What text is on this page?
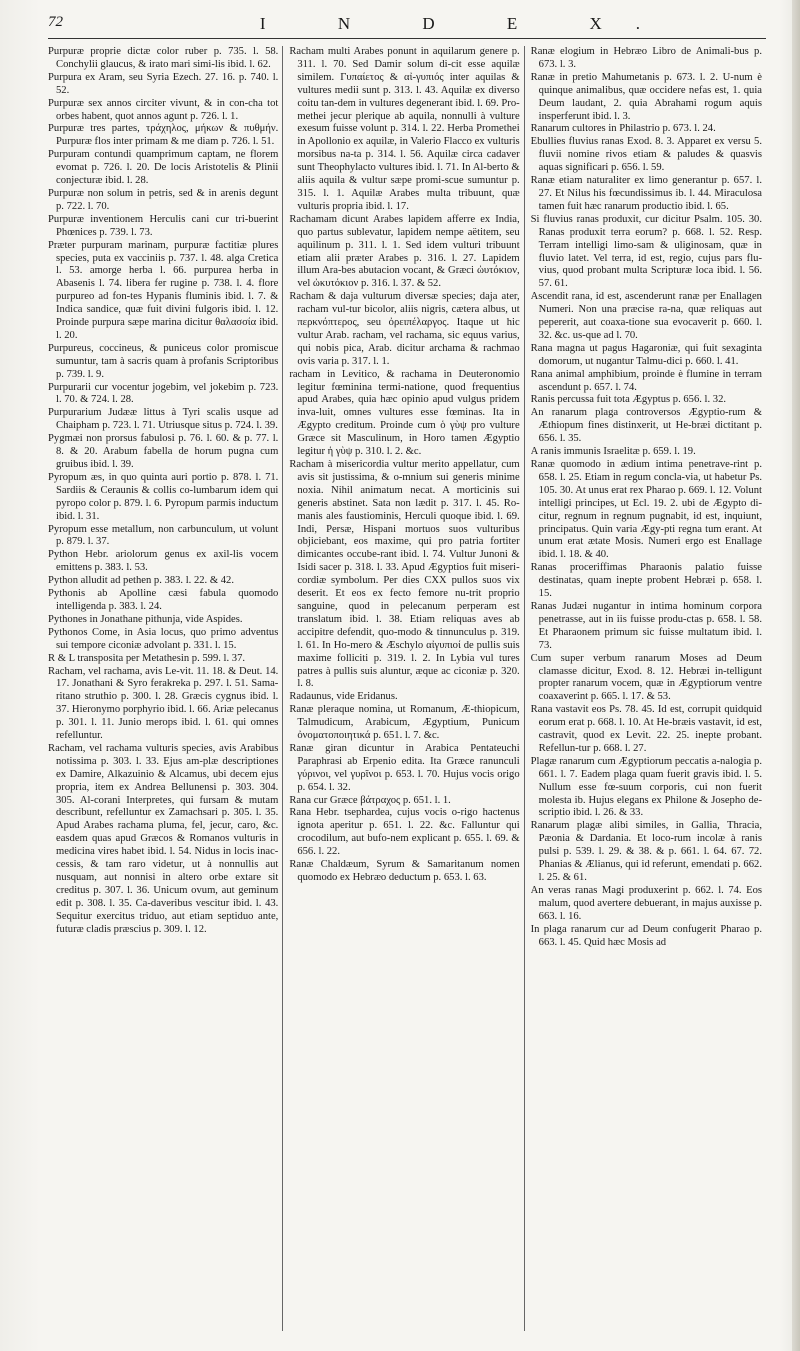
72	I N D E X.

Purpuræ proprie dictæ color ruber p. 735. l. 58. Conchylii glaucus, & irato mari simi-lis ibid. l. 62.

Purpura ex Aram, seu Syria Ezech. 27. 16. p. 740. l. 52.

Purpuræ sex annos circiter vivunt, & in con-cha tot orbes habent, quot annos agunt p. 726. l. 1.

Purpuræ tres partes, τράχηλος, μήκων & πυθμήν. Purpuræ flos inter primam & me diam p. 726. l. 51.

Purpuram contundi quamprimum captam, ne florem evomat p. 726. l. 20. De locis Aristotelis & Plinii conjecturæ ibid. l. 28.

Purpuræ non solum in petris, sed & in arenis degunt p. 722. l. 70.

Purpuræ inventionem Herculis cani cur tri-buerint Phœnices p. 739. l. 73.

Præter purpuram marinam, purpuræ factitiæ plures species, puta ex vacciniis p. 737. l. 48. alga Cretica l. 53. amorge herba l. 66. purpurea herba in Abasenis l. 74. libera fer rugine p. 738. l. 4. flore purpureo ad fon-tes Hypanis fluminis ibid. l. 7. & Indica sandice, quæ fuit divini fulgoris ibid. l. 12. Proinde purpura sæpe marina dicitur θαλασσία ibid. l. 20.

Purpureus, coccineus, & puniceus color promiscue sumuntur, tam à sacris quam à profanis Scriptoribus p. 739. l. 9.

Purpurarii cur vocentur jogebim, vel jokebim p. 723. l. 70. & 724. l. 28.

Purpurarium Judææ littus à Tyri scalis usque ad Chaipham p. 723. l. 71. Utriusque situs p. 724. l. 39.

Pygmæi non prorsus fabulosi p. 76. l. 60. & p. 77. l. 8. & 20. Arabum fabella de horum pugna cum gruibus ibid. l. 39.

Pyropum æs, in quo quinta auri portio p. 878. l. 71. Sardiis & Ceraunis & collis co-lumbarum idem qui pyropo color p. 879. l. 6. Pyropum parmis inductum ibid. l. 31.

Pyropum esse metallum, non carbunculum, ut volunt p. 879. l. 37.

Python Hebr. ariolorum genus ex axil-lis vocem emittens p. 383. l. 53.

Python alludit ad pethen p. 383. l. 22. & 42.

Pythonis ab Apolline cæsi fabula quomodo intelligenda p. 383. l. 24.

Pythones in Jonathane pithunja, vide Aspides.

Pythonos Come, in Asia locus, quo primo adventus sui tempore ciconiæ advolant p. 331. l. 15.

R & L transposita per Metathesin p. 599. l. 37.

Racham, vel rachama, avis Le-vit. 11. 18. & Deut. 14. 17. Jonathani & Syro ferakreka p. 297. l. 51. Sama-ritano struthio p. 300. l. 28. Græcis cygnus ibid. l. 37. Hieronymo porphyrio ibid. l. 66. Ariæ pelecanus p. 301. l. 11. Junio merops ibid. l. 61. qui omnes refelluntur.

Racham, vel rachama vulturis species, avis Arabibus notissima p. 303. l. 33. Ejus am-plæ descriptiones ex Damire, Alkazuinio & Alcamus, ubi decem ejus propria, item ex Andrea Bellunensi p. 303. 304. 305. Al-corani Interpretes, qui fursam & mutam describunt, refelluntur ex Zamachsari p. 305. l. 35. Apud Arabes rachama pluma, fel, jecur, caro, &c. easdem quas apud Græcos & Romanos vulturis in medicina vires habet ibid. l. 54. Nidus in locis inac-cessis, & tam raro videtur, ut à nonnullis aut nusquam, aut nonnisi in altero orbe extare sit creditus p. 307. l. 36. Unicum ovum, aut geminum edit p. 308. l. 35. Ca-daveribus vescitur ibid. l. 43. Sequitur exercitus triduo, aut etiam septiduo ante, futuræ cladis præscius p. 309. l. 12.

Racham multi Arabes ponunt in aquilarum genere p. 311. l. 70. Sed Damir solum di-cit esse aquilæ similem. Γυπαίετος & αἰ-γυπιός inter aquilas & vultures medii sunt p. 313. l. 43. Aquilæ ex diverso coitu tan-dem in vultures degenerant ibid. l. 69. Pro-methei jecur plerique ab aquila, nonnulli à vulture exesum fuisse volunt p. 314. l. 22. Herba Promethei in Apollonio ex aquilæ, in Valerio Flacco ex vulturis morsibus na-ta p. 314. l. 56. Aquilæ circa cadaver sunt Theophylacto vultures ibid. l. 71. In Al-berto & aliis aquila & vultur sæpe promi-scue sumuntur p. 315. l. 1. Aquilæ Arabes multa tribuunt, quæ vulturis propria ibid. l. 17.

Rachamam dicunt Arabes lapidem afferre ex India, quo partus sublevatur, lapidem nempe aëtitem, seu aquilinum p. 311. l. 1. Sed idem vulturi tribuunt etiam alii præter Arabes p. 316. l. 27. Lapidem illum Ara-bes abutacion vocant, & Græci ὠυτόκιον, vel ὠκυτόκιον p. 316. l. 37. & 52.

Racham & daja vulturum diversæ species; daja ater, racham vul-tur bicolor, aliis nigris, cætera albus, ut περκνόπτερος, seu ὀρειπέλαργος. Itaque ut hic vultur Arab. racham, vel rachama, sic equus varius, qui nobis pica, Arab. dicitur archama & rachmao ovis varia p. 317. l. 1.

racham in Levitico, & rachama in Deuteronomio legitur fœminina termi-natione, quod frequentius apud Arabes, quia hæc opinio apud vulgus pridem inva-luit, omnes vultures esse fœminas. Ita in Ægypto creditum. Proinde cum ὁ γὺψ pro vulture Græce sit Masculinum, in Horo tamen Ægyptio legitur ἡ γὺψ p. 310. l. 2. &c.

Racham à misericordia vultur merito appellatur, cum avis sit justissima, & o-mnium sui generis minime noxia. Nihil animatum necat. A morticinis sui generis abstinet. Sata non lædit p. 317. l. 45. Ro-manis ales faustiominis, Herculi quoque ibid. l. 69. Indi, Persæ, Hispani mortuos suos vulturibus objiciebant, eos maxime, qui pro patria fortiter dimicantes occube-rant ibid. l. 74. Vultur Junoni & Isidi sacer p. 318. l. 33. Apud Ægyptios fuit miseri-cordiæ symbolum. Per dies CXX pullos suos vix deserit. Et eos ex fecto femore nu-trit proprio sanguine, quod in pelecanum perperam est translatum ibid. l. 38. Etiam reliquas aves ab accipitre defendit, quo-modo & tinnunculus p. 319. l. 61. In Ho-mero & Æschylo αἰγυπιοί de pullis suis maxime folliciti p. 319. l. 2. In Lybia vul tures patres à pullis suis aluntur, æque ac ciconiæ p. 320. l. 8.

Radaunus, vide Eridanus.

Ranæ pleraque nomina, ut Romanum, Æ-thiopicum, Talmudicum, Arabicum, Ægyptium, Punicum ὀνοματοποιητικά p. 651. l. 7. &c.

Ranæ giran dicuntur in Arabica Pentateuchi Paraphrasi ab Erpenio edita. Ita Græce ranunculi γύρινοι, vel γυρῖνοι p. 653. l. 70. Hujus vocis origo p. 654. l. 32.

Rana cur Græce βάτραχος p. 651. l. 1.

Rana Hebr. tsephardea, cujus vocis o-rigo hactenus ignota aperitur p. 651. l. 22. &c. Falluntur qui crocodilum, aut bufo-nem explicant p. 655. l. 69. & 656. l. 22.

Ranæ Chaldæum, Syrum & Samaritanum nomen quomodo ex Hebræo deductum p. 653. l. 63.

Ranæ elogium in Hebræo Libro de Animali-bus p. 673. l. 3.

Ranæ in pretio Mahumetanis p. 673. l. 2. U-num è quinque animalibus, quæ occidere nefas est, 1. quia Deum laudant, 2. quia Abrahami rogum aquis insperferunt ibid. l. 3.

Ranarum cultores in Philastrio p. 673. l. 24.

Ebullies fluvius ranas Exod. 8. 3. Apparet ex versu 5. fluvii nomine rivos etiam & paludes & quasvis aquas significari p. 656. l. 59.

Ranæ etiam naturaliter ex limo generantur p. 657. l. 27. Et Nilus his fœcundissimus ib. l. 44. Miraculosa tamen fuit hæc ranarum productio ibid. l. 65.

Si fluvius ranas produxit, cur dicitur Psalm. 105. 30. Ranas produxit terra eorum? p. 668. l. 52. Resp. Terram intelligi limo-sam & uliginosam, quæ in fluvio latet. Vel terra, id est, regio, cujus pars flu-vius, quod probant multa Scripturæ loca ibid. l. 56. 57. 61.

Ascendit rana, id est, ascenderunt ranæ per Enallagen Numeri. Non una præcise ra-na, quæ reliquas aut pepererit, aut coaxa-tione sua evocaverit p. 660. l. 32. &c. us-que ad l. 70.

Rana magna ut pagus Hagaroniæ, qui fuit sexaginta domorum, ut nugantur Talmu-dici p. 660. l. 41.

Rana animal amphibium, proinde è flumine in terram ascendunt p. 657. l. 74.

Ranis percussa fuit tota Ægyptus p. 656. l. 32.

An ranarum plaga controversos Ægyptio-rum & Æthiopum fines distinxerit, ut He-bræi dictitant p. 656. l. 35.

A ranis immunis Israelitæ p. 659. l. 19.

Ranæ quomodo in ædium intima penetrave-rint p. 658. l. 25. Etiam in regum concla-via, ut habetur Ps. 105. 30. At unus erat rex Pharao p. 669. l. 12. Volunt intelligi principes, ut Ecl. 19. 2. ubi de Ægypto di-citur, regnum in regnum pugnabit, id est, inquiunt, principatus. Quin varia Ægy-pti regna tum erant. At unum erat ætate Mosis. Numeri ergo est Enallage ibid. l. 18. & 40.

Ranas proceriffimas Pharaonis palatio fuisse destinatas, quam inepte probent Hebræi p. 658. l. 15.

Ranas Judæi nugantur in intima hominum corpora penetrasse, aut in iis fuisse produ-ctas p. 658. l. 58. Et Pharaonem primum sic fuisse multatum ibid. l. 73.

Cum super verbum ranarum Moses ad Deum clamasse dicitur, Exod. 8. 12. Hebræi in-telligunt propter ranarum vocem, quæ in Ægyptiorum ventre coaxaverint p. 665. l. 17. & 53.

Rana vastavit eos Ps. 78. 45. Id est, corrupit quidquid eorum erat p. 668. l. 10. At He-bræis vastavit, id est, castravit, quod ex Levit. 22. 25. inepte probant. Refellun-tur p. 668. l. 27.

Plagæ ranarum cum Ægyptiorum peccatis a-nalogia p. 661. l. 7. Eadem plaga quam fuerit gravis ibid. l. 5. Nullum esse fœ-suum corporis, cui non fuerit molesta ib. Hujus elegans ex Philone & Josepho de-scriptio ibid. l. 26. & 33.

Ranarum plagæ alibi similes, in Gallia, Thracia, Pæonia & Dardania. Et loco-rum incolæ à ranis pulsi p. 539. l. 29. & 38. & p. 661. l. 64. 67. 72. Phanias & Ælianus, qui id referunt, emendati p. 662. l. 25. & 61.

An veras ranas Magi produxerint p. 662. l. 74. Eos malum, quod avertere debuerant, in majus auxisse p. 663. l. 16.

In plaga ranarum cur ad Deum confugerit Pharao p. 663. l. 45. Quid hæc Mosis ad
